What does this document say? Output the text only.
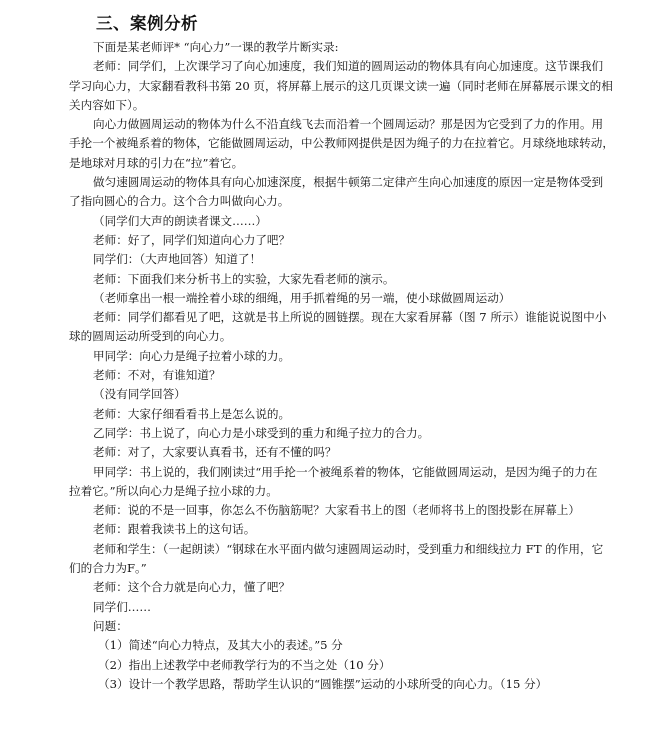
三、案例分析
下面是某老师评* “向心力”一课的教学片断实录:
老师：同学们，上次课学习了向心加速度，我们知道的圆周运动的物体具有向心加速度。这节课我们
学习向心力，大家翻看教科书第 20 页，将屏幕上展示的这几页课文读一遍（同时老师在屏幕展示课文的相
关内容如下）。
向心力做圆周运动的物体为什么不沿直线飞去而沿着一个圆周运动？那是因为它受到了力的作用。用
手抡一个被绳系着的物体，它能做圆周运动，中公教师网提供是因为绳子的力在拉着它。月球绕地球转动，
是地球对月球的引力在“拉”着它。
做匀速圆周运动的物体具有向心加速深度，根据牛顿第二定律产生向心加速度的原因一定是物体受到
了指向圆心的合力。这个合力叫做向心力。
（同学们大声的朗读者课文……）
老师：好了，同学们知道向心力了吧？
同学们：（大声地回答）知道了！
老师：下面我们来分析书上的实验，大家先看老师的演示。
（老师拿出一根一端拴着小球的细绳，用手抓着绳的另一端，使小球做圆周运动）
老师：同学们都看见了吧，这就是书上所说的圆链摆。现在大家看屏幕（图 7 所示）谁能说说图中小
球的圆周运动所受到的向心力。
甲同学：向心力是绳子拉着小球的力。
老师：不对，有谁知道？
（没有同学回答）
老师：大家仔细看看书上是怎么说的。
乙同学：书上说了，向心力是小球受到的重力和绳子拉力的合力。
老师：对了，大家要认真看书，还有不懂的吗？
甲同学：书上说的，我们刚读过“用手抡一个被绳系着的物体，它能做圆周运动，是因为绳子的力在
拉着它。”所以向心力是绳子拉小球的力。
老师：说的不是一回事，你怎么不伤脑筋呢？大家看书上的图（老师将书上的图投影在屏幕上）
老师：跟着我读书上的这句话。
老师和学生：（一起朗读）“钢球在水平面内做匀速圆周运动时，受到重力和细线拉力 FT 的作用，它
们的合力为F。”
老师：这个合力就是向心力，懂了吧？
同学们……
问题：
（1）简述“向心力特点，及其大小的表述。”5 分
（2）指出上述教学中老师教学行为的不当之处（10 分）
（3）设计一个教学思路，帮助学生认识的“圆锥摆”运动的小球所受的向心力。（15 分）
